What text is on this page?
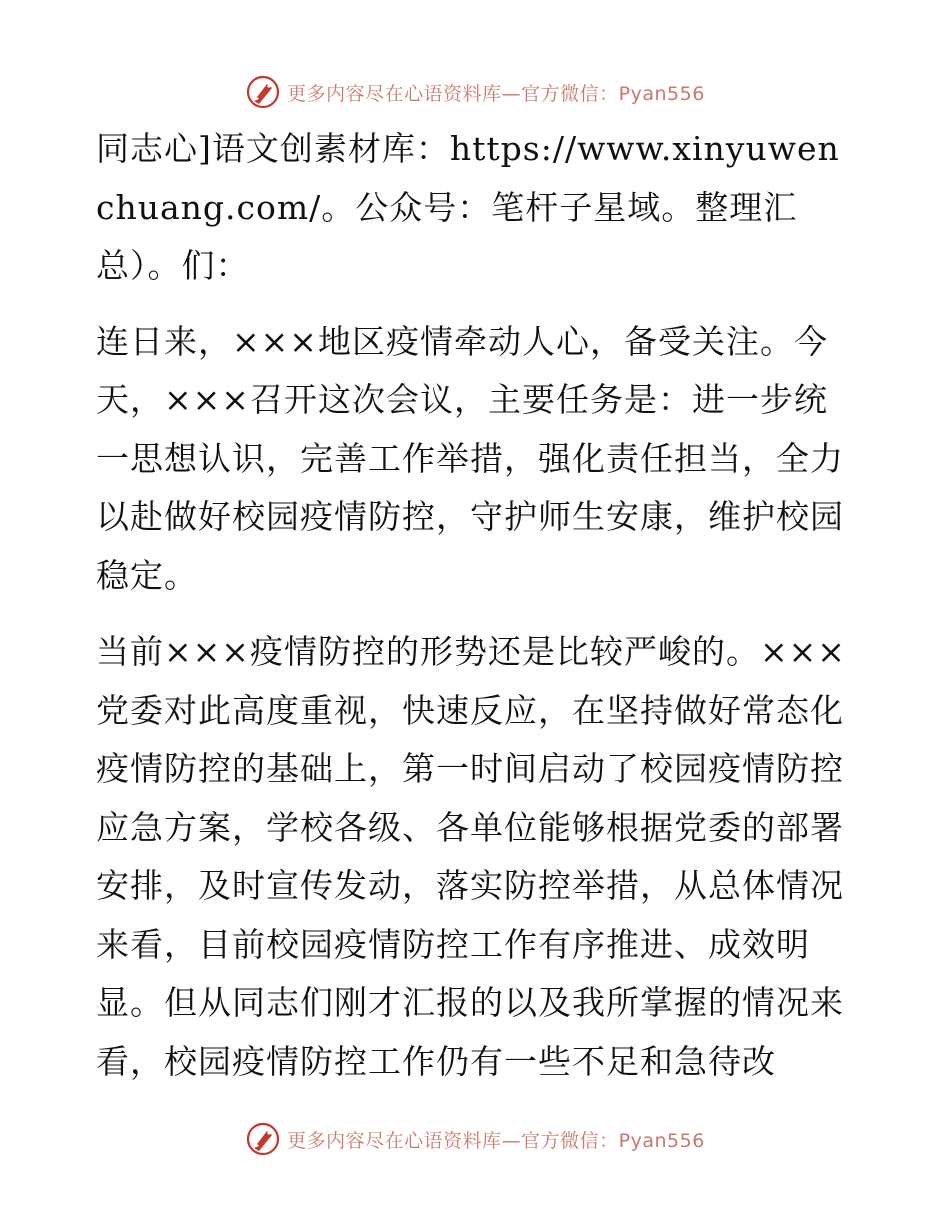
更多内容尽在心语资料库—官方微信：Pyan556

同志心]语文创素材库：https://www.xinyuwenchuang.com/。公众号：笔杆子星域。整理汇总）。们：

连日来，×××地区疫情牵动人心，备受关注。今天，×××召开这次会议，主要任务是：进一步统一思想认识，完善工作举措，强化责任担当，全力以赴做好校园疫情防控，守护师生安康，维护校园稳定。

当前×××疫情防控的形势还是比较严峻的。×××党委对此高度重视，快速反应，在坚持做好常态化疫情防控的基础上，第一时间启动了校园疫情防控应急方案，学校各级、各单位能够根据党委的部署安排，及时宣传发动，落实防控举措，从总体情况来看，目前校园疫情防控工作有序推进、成效明显。但从同志们刚才汇报的以及我所掌握的情况来看，校园疫情防控工作仍有一些不足和急待改

更多内容尽在心语资料库—官方微信：Pyan556
